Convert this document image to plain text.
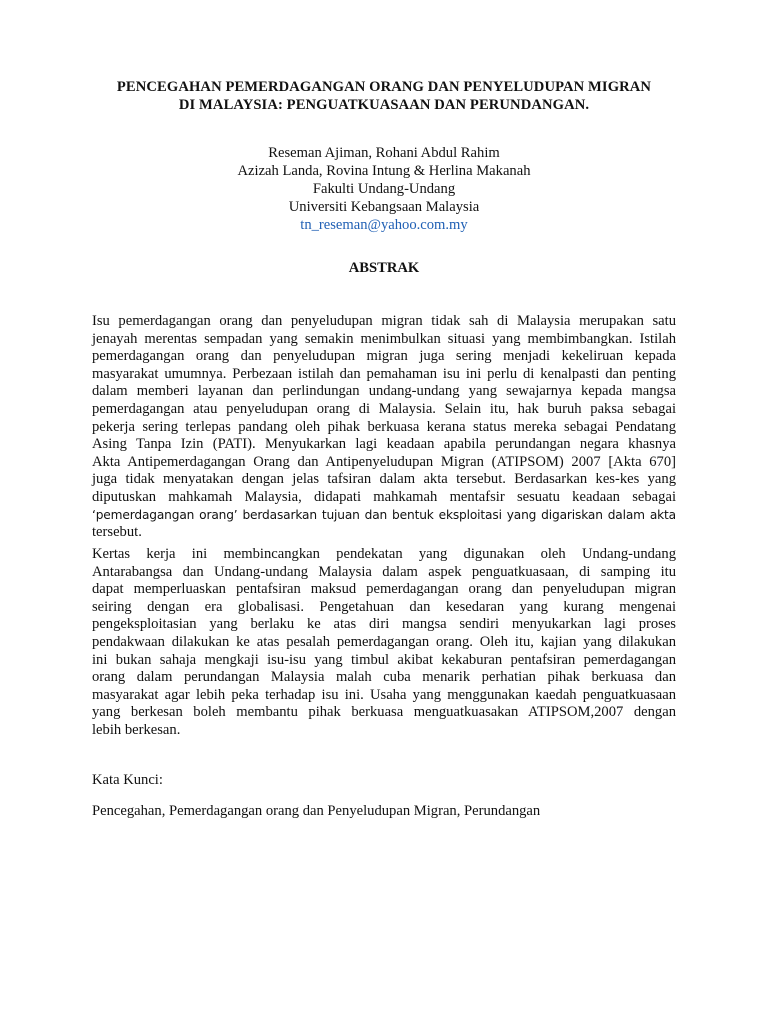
PENCEGAHAN PEMERDAGANGAN ORANG DAN PENYELUDUPAN MIGRAN
DI MALAYSIA: PENGUATKUASAAN DAN PERUNDANGAN.
Reseman Ajiman, Rohani Abdul Rahim
Azizah Landa, Rovina Intung & Herlina Makanah
Fakulti Undang-Undang
Universiti Kebangsaan Malaysia
tn_reseman@yahoo.com.my
ABSTRAK
Isu pemerdagangan orang dan penyeludupan migran tidak sah di Malaysia merupakan satu
jenayah merentas sempadan yang semakin menimbulkan situasi yang membimbangkan. Istilah
pemerdagangan orang dan penyeludupan migran juga sering menjadi kekeliruan kepada
masyarakat umumnya. Perbezaan istilah dan pemahaman isu ini perlu di kenalpasti dan penting
dalam memberi layanan dan perlindungan undang-undang yang sewajarnya kepada mangsa
pemerdagangan atau penyeludupan orang di Malaysia. Selain itu, hak buruh paksa sebagai
pekerja sering terlepas pandang oleh pihak berkuasa kerana status mereka sebagai Pendatang
Asing Tanpa Izin (PATI). Menyukarkan lagi keadaan apabila perundangan negara khasnya
Akta Antipemerdagangan Orang dan Antipenyeludupan Migran (ATIPSOM) 2007 [Akta 670]
juga tidak menyatakan dengan jelas tafsiran dalam akta tersebut. Berdasarkan kes-kes yang
diputuskan mahkamah Malaysia, didapati mahkamah mentafsir sesuatu keadaan sebagai
‘pemerdagangan orang’ berdasarkan tujuan dan bentuk eksploitasi yang digariskan dalam akta
tersebut.
Kertas kerja ini membincangkan pendekatan yang digunakan oleh Undang-undang
Antarabangsa dan Undang-undang Malaysia dalam aspek penguatkuasaan, di samping itu
dapat memperluaskan pentafsiran maksud pemerdagangan orang dan penyeludupan migran
seiring dengan era globalisasi. Pengetahuan dan kesedaran yang kurang mengenai
pengeksploitasian yang berlaku ke atas diri mangsa sendiri menyukarkan lagi proses
pendakwaan dilakukan ke atas pesalah pemerdagangan orang. Oleh itu, kajian yang dilakukan
ini bukan sahaja mengkaji isu-isu yang timbul akibat kekaburan pentafsiran pemerdagangan
orang dalam perundangan Malaysia malah cuba menarik perhatian pihak berkuasa dan
masyarakat agar lebih peka terhadap isu ini. Usaha yang menggunakan kaedah penguatkuasaan
yang berkesan boleh membantu pihak berkuasa menguatkuasakan ATIPSOM,2007 dengan
lebih berkesan.
Kata Kunci:
Pencegahan, Pemerdagangan orang dan Penyeludupan Migran, Perundangan
